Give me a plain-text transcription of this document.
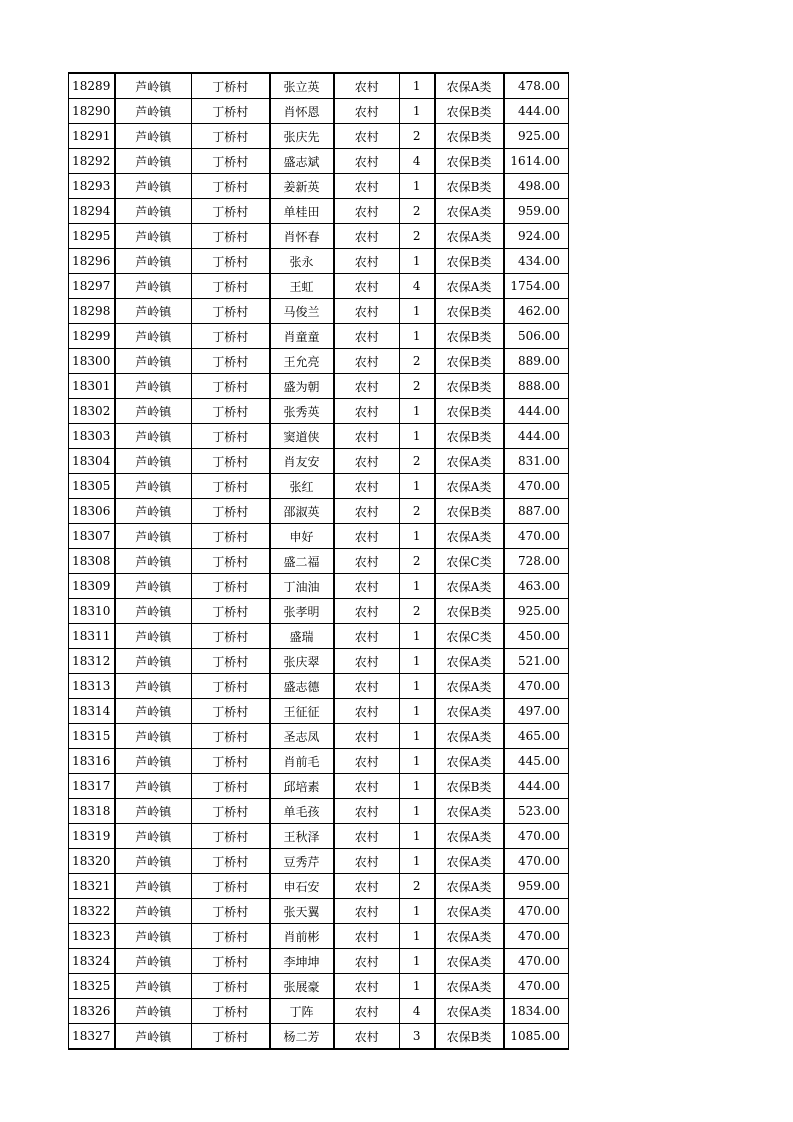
18289	芦岭镇	丁桥村	张立英	农村	1	农保A类	478.00
18290	芦岭镇	丁桥村	肖怀恩	农村	1	农保B类	444.00
18291	芦岭镇	丁桥村	张庆先	农村	2	农保B类	925.00
18292	芦岭镇	丁桥村	盛志斌	农村	4	农保B类	1614.00
18293	芦岭镇	丁桥村	姜新英	农村	1	农保B类	498.00
18294	芦岭镇	丁桥村	单桂田	农村	2	农保A类	959.00
18295	芦岭镇	丁桥村	肖怀春	农村	2	农保A类	924.00
18296	芦岭镇	丁桥村	张永	农村	1	农保B类	434.00
18297	芦岭镇	丁桥村	王虹	农村	4	农保A类	1754.00
18298	芦岭镇	丁桥村	马俊兰	农村	1	农保B类	462.00
18299	芦岭镇	丁桥村	肖童童	农村	1	农保B类	506.00
18300	芦岭镇	丁桥村	王允亮	农村	2	农保B类	889.00
18301	芦岭镇	丁桥村	盛为朝	农村	2	农保B类	888.00
18302	芦岭镇	丁桥村	张秀英	农村	1	农保B类	444.00
18303	芦岭镇	丁桥村	窦道侠	农村	1	农保B类	444.00
18304	芦岭镇	丁桥村	肖友安	农村	2	农保A类	831.00
18305	芦岭镇	丁桥村	张红	农村	1	农保A类	470.00
18306	芦岭镇	丁桥村	邵淑英	农村	2	农保B类	887.00
18307	芦岭镇	丁桥村	申好	农村	1	农保A类	470.00
18308	芦岭镇	丁桥村	盛二福	农村	2	农保C类	728.00
18309	芦岭镇	丁桥村	丁油油	农村	1	农保A类	463.00
18310	芦岭镇	丁桥村	张孝明	农村	2	农保B类	925.00
18311	芦岭镇	丁桥村	盛瑞	农村	1	农保C类	450.00
18312	芦岭镇	丁桥村	张庆翠	农村	1	农保A类	521.00
18313	芦岭镇	丁桥村	盛志德	农村	1	农保A类	470.00
18314	芦岭镇	丁桥村	王征征	农村	1	农保A类	497.00
18315	芦岭镇	丁桥村	圣志凤	农村	1	农保A类	465.00
18316	芦岭镇	丁桥村	肖前毛	农村	1	农保A类	445.00
18317	芦岭镇	丁桥村	邱培素	农村	1	农保B类	444.00
18318	芦岭镇	丁桥村	单毛孩	农村	1	农保A类	523.00
18319	芦岭镇	丁桥村	王秋泽	农村	1	农保A类	470.00
18320	芦岭镇	丁桥村	豆秀芹	农村	1	农保A类	470.00
18321	芦岭镇	丁桥村	申石安	农村	2	农保A类	959.00
18322	芦岭镇	丁桥村	张天翼	农村	1	农保A类	470.00
18323	芦岭镇	丁桥村	肖前彬	农村	1	农保A类	470.00
18324	芦岭镇	丁桥村	李坤坤	农村	1	农保A类	470.00
18325	芦岭镇	丁桥村	张展豪	农村	1	农保A类	470.00
18326	芦岭镇	丁桥村	丁阵	农村	4	农保A类	1834.00
18327	芦岭镇	丁桥村	杨二芳	农村	3	农保B类	1085.00
